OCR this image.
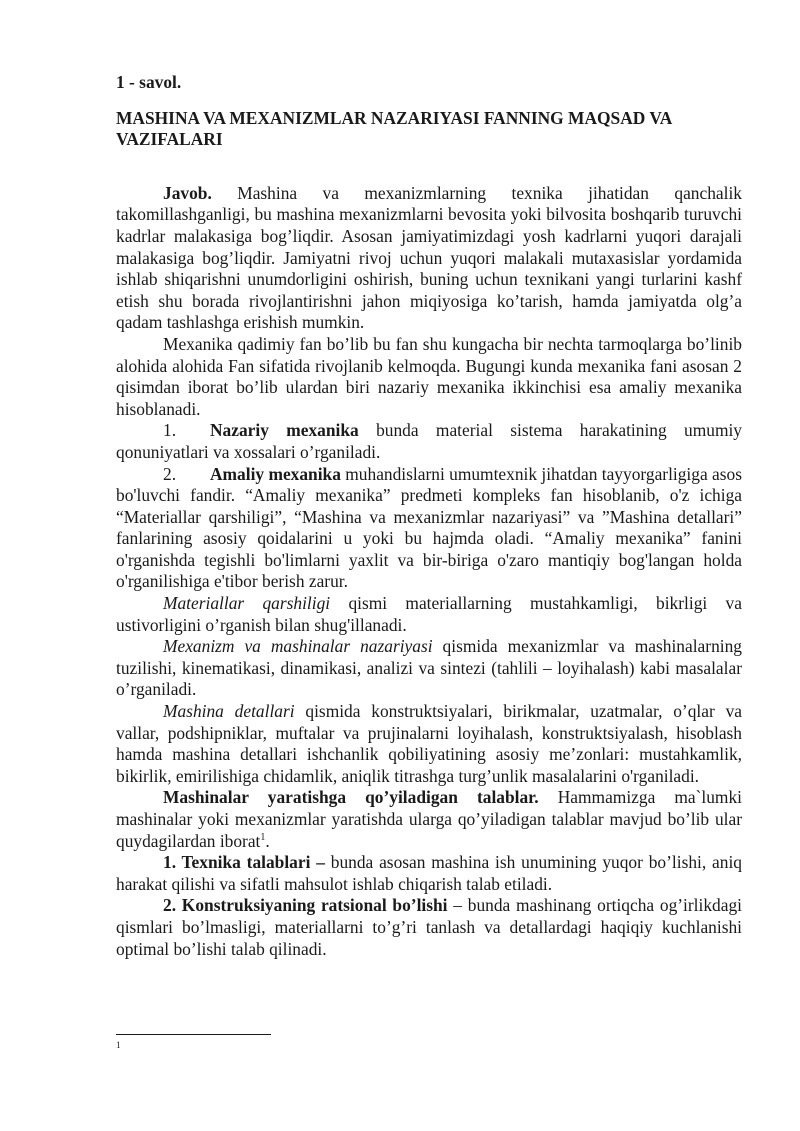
1 - savol.

MASHINA VA MEXANIZMLAR NAZARIYASI FANNING MAQSAD VA VAZIFALARI

Javob. Mashina va mexanizmlarning texnika jihatidan qanchalik takomillashganligi, bu mashina mexanizmlarni bevosita yoki bilvosita boshqarib turuvchi kadrlar malakasiga bog’liqdir. Asosan jamiyatimizdagi yosh kadrlarni yuqori darajali malakasiga bog’liqdir. Jamiyatni rivoj uchun yuqori malakali mutaxasislar yordamida ishlab shiqarishni unumdorligini oshirish, buning uchun texnikani yangi turlarini kashf etish shu borada rivojlantirishni jahon miqiyosiga ko’tarish, hamda jamiyatda olg’a qadam tashlashga erishish mumkin.

Mexanika qadimiy fan bo’lib bu fan shu kungacha bir nechta tarmoqlarga bo’linib alohida alohida Fan sifatida rivojlanib kelmoqda. Bugungi kunda mexanika fani asosan 2 qisimdan iborat bo’lib ulardan biri nazariy mexanika ikkinchisi esa amaliy mexanika hisoblanadi.

1. Nazariy mexanika bunda material sistema harakatining umumiy qonuniyatlari va xossalari o’rganiladi.

2. Amaliy mexanika muhandislarni umumtexnik jihatdan tayyorgarligiga asos bo'luvchi fandir. “Amaliy mexanika” predmeti kompleks fan hisoblanib, o'z ichiga “Materiallar qarshiligi”, “Mashina va mexanizmlar nazariyasi” va ”Mashina detallari” fanlarining asosiy qoidalarini u yoki bu hajmda oladi. “Amaliy mexanika” fanini o'rganishda tegishli bo'limlarni yaxlit va bir-biriga o'zaro mantiqiy bog'langan holda o'rganilishiga e'tibor berish zarur.

Materiallar qarshiligi qismi materiallarning mustahkamligi, bikrligi va ustivorligini o’rganish bilan shug'illanadi.

Mexanizm va mashinalar nazariyasi qismida mexanizmlar va mashinalarning tuzilishi, kinematikasi, dinamikasi, analizi va sintezi (tahlili – loyihalash) kabi masalalar o’rganiladi.

Mashina detallari qismida konstruktsiyalari, birikmalar, uzatmalar, o’qlar va vallar, podshipniklar, muftalar va prujinalarni loyihalash, konstruktsiyalash, hisoblash hamda mashina detallari ishchanlik qobiliyatining asosiy me’zonlari: mustahkamlik, bikirlik, emirilishiga chidamlik, aniqlik titrashga turg’unlik masalalarini o'rganiladi.

Mashinalar yaratishga qo’yiladigan talablar. Hammamizga ma`lumki mashinalar yoki mexanizmlar yaratishda ularga qo’yiladigan talablar mavjud bo’lib ular quydagilardan iborat$^1$.

1. Texnika talablari – bunda asosan mashina ish unumining yuqor bo’lishi, aniq harakat qilishi va sifatli mahsulot ishlab chiqarish talab etiladi.

2. Konstruksiyaning ratsional bo’lishi – bunda mashinang ortiqcha og’irlikdagi qismlari bo’lmasligi, materiallarni to’g’ri tanlash va detallardagi haqiqiy kuchlanishi optimal bo’lishi talab qilinadi.

1
